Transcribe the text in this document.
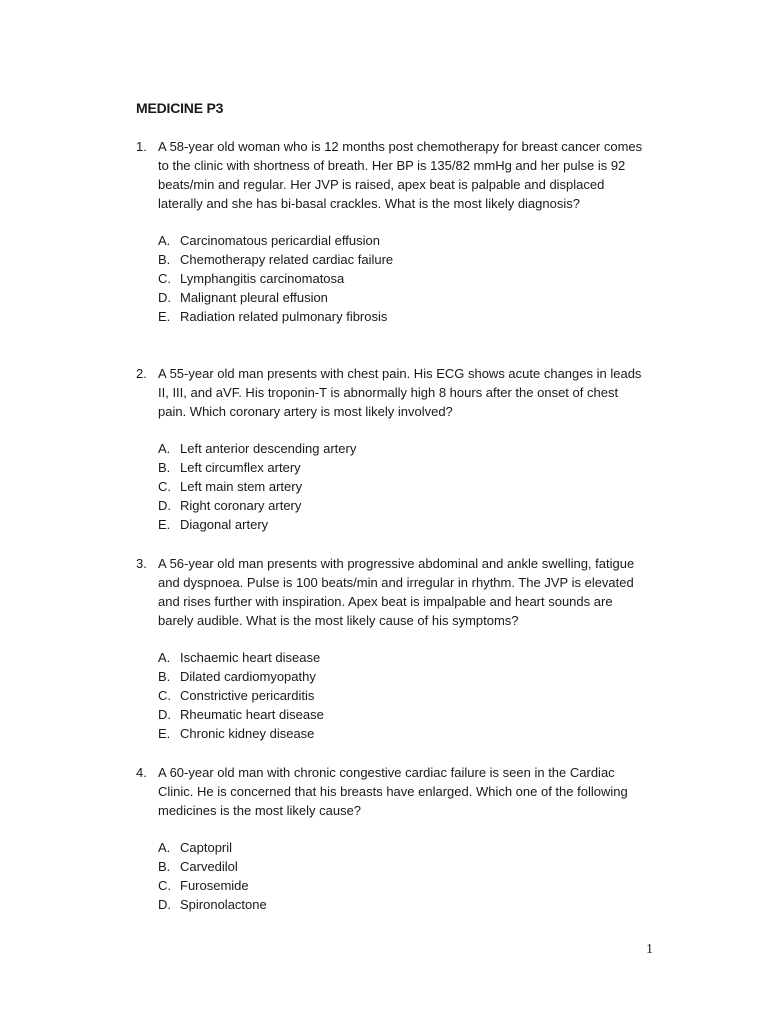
MEDICINE P3
1. A 58-year old woman who is 12 months post chemotherapy for breast cancer comes to the clinic with shortness of breath. Her BP is 135/82 mmHg and her pulse is 92 beats/min and regular. Her JVP is raised, apex beat is palpable and displaced laterally and she has bi-basal crackles. What is the most likely diagnosis?
A. Carcinomatous pericardial effusion
B. Chemotherapy related cardiac failure
C. Lymphangitis carcinomatosa
D. Malignant pleural effusion
E. Radiation related pulmonary fibrosis
2. A 55-year old man presents with chest pain. His ECG shows acute changes in leads II, III, and aVF. His troponin-T is abnormally high 8 hours after the onset of chest pain. Which coronary artery is most likely involved?
A. Left anterior descending artery
B. Left circumflex artery
C. Left main stem artery
D. Right coronary artery
E. Diagonal artery
3. A 56-year old man presents with progressive abdominal and ankle swelling, fatigue and dyspnoea. Pulse is 100 beats/min and irregular in rhythm. The JVP is elevated and rises further with inspiration. Apex beat is impalpable and heart sounds are barely audible. What is the most likely cause of his symptoms?
A. Ischaemic heart disease
B. Dilated cardiomyopathy
C. Constrictive pericarditis
D. Rheumatic heart disease
E. Chronic kidney disease
4. A 60-year old man with chronic congestive cardiac failure is seen in the Cardiac Clinic. He is concerned that his breasts have enlarged. Which one of the following medicines is the most likely cause?
A. Captopril
B. Carvedilol
C. Furosemide
D. Spironolactone
1
